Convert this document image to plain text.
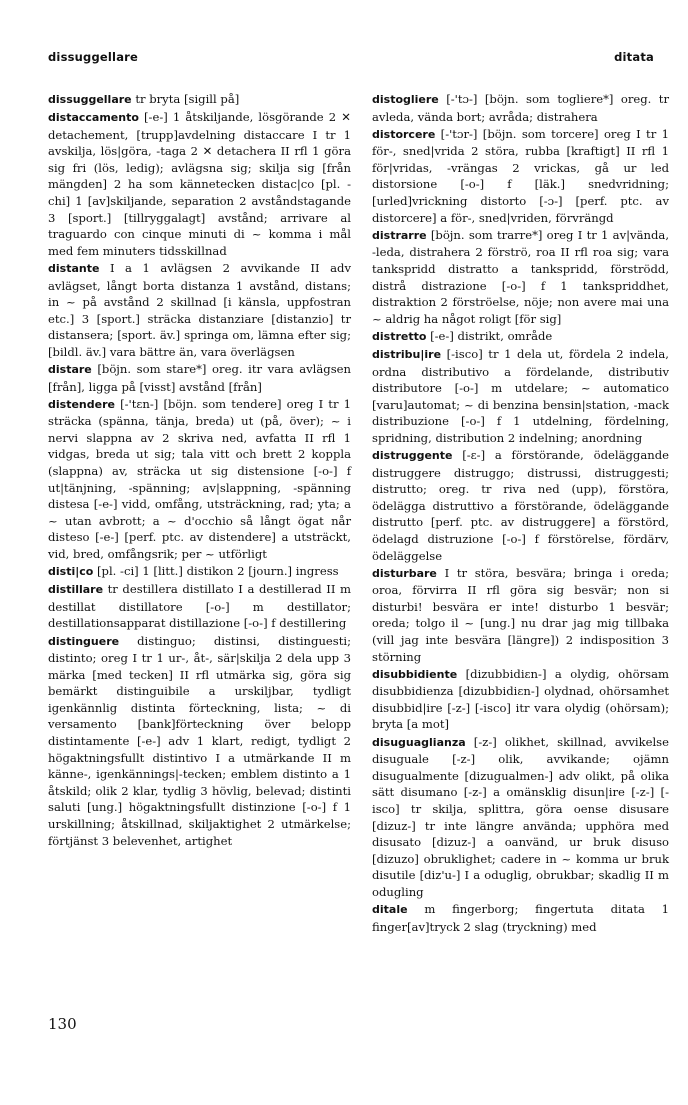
dissuggellare	ditata

dissuggellare tr bryta [sigill på]

distaccamento [-e-] 1 åtskiljande, lösgörande 2 ✕ detachement, [trupp]avdelning distaccare I tr 1 avskilja, lös|göra, -taga 2 ✕ detachera II rfl 1 göra sig fri (lös, ledig); avlägsna sig; skilja sig [från mängden] 2 ha som kännetecken distac|co [pl. -chi] 1 [av]skiljande, separation 2 avståndstagande 3 [sport.] [tillryggalagt] avstånd; arrivare al traguardo con cinque minuti di ~ komma i mål med fem minuters tidsskillnad

distante I a 1 avlägsen 2 avvikande II adv avlägset, långt borta distanza 1 avstånd, distans; in ~ på avstånd 2 skillnad [i känsla, uppfostran etc.] 3 [sport.] sträcka distanziare [distanzio] tr distansera; [sport. äv.] springa om, lämna efter sig; [bildl. äv.] vara bättre än, vara överlägsen

distare [böjn. som stare*] oreg. itr vara avlägsen [från], ligga på [visst] avstånd [från]

distendere [-'tɛn-] [böjn. som tendere] oreg I tr 1 sträcka (spänna, tänja, breda) ut (på, över); ~ i nervi slappna av 2 skriva ned, avfatta II rfl 1 vidgas, breda ut sig; tala vitt och brett 2 koppla (slappna) av, sträcka ut sig distensione [-o-] f ut|tänjning, -spänning; av|slappning, -spänning distesa [-e-] vidd, omfång, utsträckning, rad; yta; a ~ utan avbrott; a ~ d'occhio så långt ögat når disteso [-e-] [perf. ptc. av distendere] a utsträckt, vid, bred, omfångsrik; per ~ utförligt

disti|co [pl. -ci] 1 [litt.] distikon 2 [journ.] ingress

distillare tr destillera distillato I a destillerad II m destillat distillatore [-o-] m destillator; destillationsapparat distillazione [-o-] f destillering

distinguere distinguo; distinsi, distinguesti; distinto; oreg I tr 1 ur-, åt-, sär|skilja 2 dela upp 3 märka [med tecken] II rfl utmärka sig, göra sig bemärkt distinguibile a urskiljbar, tydligt igenkännlig distinta förteckning, lista; ~ di versamento [bank]förteckning över belopp distintamente [-e-] adv 1 klart, redigt, tydligt 2 högaktningsfullt distintivo I a utmärkande II m känne-, igenkännings|-tecken; emblem distinto a 1 åtskild; olik 2 klar, tydlig 3 hövlig, belevad; distinti saluti [ung.] högaktningsfullt distinzione [-o-] f 1 urskillning; åtskillnad, skiljaktighet 2 utmärkelse; förtjänst 3 belevenhet, artighet

distogliere [-'tɔ-] [böjn. som togliere*] oreg. tr avleda, vända bort; avråda; distrahera

distorcere [-'tɔr-] [böjn. som torcere] oreg I tr 1 för-, sned|vrida 2 störa, rubba [kraftigt] II rfl 1 för|vridas, -vrängas 2 vrickas, gå ur led distorsione [-o-] f [läk.] snedvridning; [urled]vrickning distorto [-ɔ-] [perf. ptc. av distorcere] a för-, sned|vriden, förvrängd

distrarre [böjn. som trarre*] oreg I tr 1 av|vända, -leda, distrahera 2 förströ, roa II rfl roa sig; vara tankspridd distratto a tankspridd, förströdd, distrå distrazione [-o-] f 1 tankspriddhet, distraktion 2 förströelse, nöje; non avere mai una ~ aldrig ha något roligt [för sig]

distretto [-e-] distrikt, område

distribu|ire [-isco] tr 1 dela ut, fördela 2 indela, ordna distributivo a fördelande, distributiv distributore [-o-] m utdelare; ~ automatico [varu]automat; ~ di benzina bensin|station, -mack distribuzione [-o-] f 1 utdelning, fördelning, spridning, distribution 2 indelning; anordning

distruggente [-ɛ-] a förstörande, ödeläggande distruggere distruggo; distrussi, distruggesti; distrutto; oreg. tr riva ned (upp), förstöra, ödelägga distruttivo a förstörande, ödeläggande distrutto [perf. ptc. av distruggere] a förstörd, ödelagd distruzione [-o-] f förstörelse, fördärv, ödeläggelse

disturbare I tr störa, besvära; bringa i oreda; oroa, förvirra II rfl göra sig besvär; non si disturbi! besvära er inte! disturbo 1 besvär; oreda; tolgo il ~ [ung.] nu drar jag mig tillbaka (vill jag inte besvära [längre]) 2 indisposition 3 störning

disubbidiente [dizubbidiɛn-] a olydig, ohörsam disubbidienza [dizubbidiɛn-] olydnad, ohörsamhet disubbid|ire [-z-] [-isco] itr vara olydig (ohörsam); bryta [a mot]

disuguaglianza [-z-] olikhet, skillnad, avvikelse disuguale [-z-] olik, avvikande; ojämn disugualmente [dizugualmen-] adv olikt, på olika sätt disumano [-z-] a omänsklig disun|ire [-z-] [-isco] tr skilja, splittra, göra oense disusare [dizuz-] tr inte längre använda; upphöra med disusato [dizuz-] a oanvänd, ur bruk disuso [dizuzo] obruklighet; cadere in ~ komma ur bruk disutile [diz'u-] I a oduglig, obrukbar; skadlig II m odugling

ditale m fingerborg; fingertuta ditata 1 finger[av]tryck 2 slag (tryckning) med

130
